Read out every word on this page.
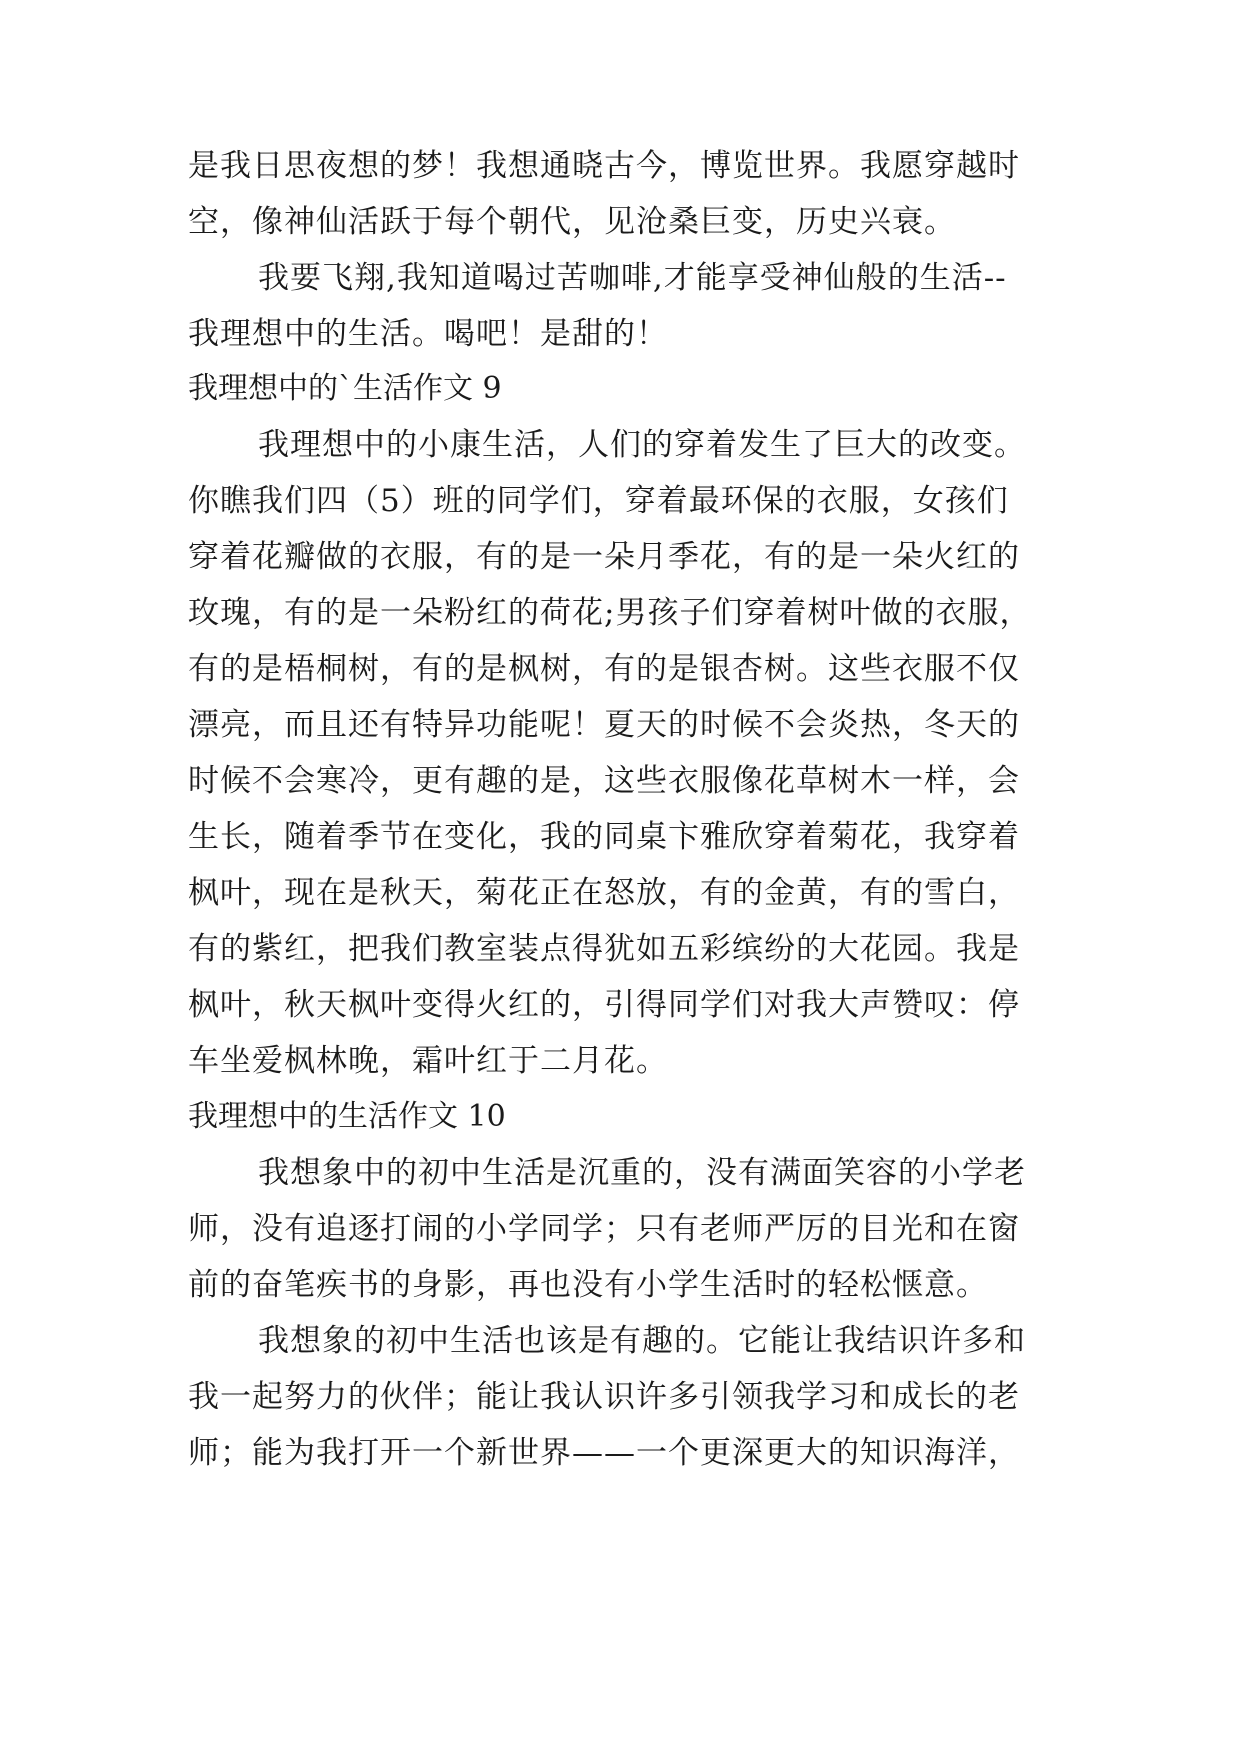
是我日思夜想的梦！我想通晓古今，博览世界。我愿穿越时
空，像神仙活跃于每个朝代，见沧桑巨变，历史兴衰。
我要飞翔,我知道喝过苦咖啡,才能享受神仙般的生活--
我理想中的生活。喝吧！是甜的！
我理想中的`生活作文 9
我理想中的小康生活，人们的穿着发生了巨大的改变。
你瞧我们四（5）班的同学们，穿着最环保的衣服，女孩们
穿着花瓣做的衣服，有的是一朵月季花，有的是一朵火红的
玫瑰，有的是一朵粉红的荷花;男孩子们穿着树叶做的衣服，
有的是梧桐树，有的是枫树，有的是银杏树。这些衣服不仅
漂亮，而且还有特异功能呢！夏天的时候不会炎热，冬天的
时候不会寒冷，更有趣的是，这些衣服像花草树木一样，会
生长，随着季节在变化，我的同桌卞雅欣穿着菊花，我穿着
枫叶，现在是秋天，菊花正在怒放，有的金黄，有的雪白，
有的紫红，把我们教室装点得犹如五彩缤纷的大花园。我是
枫叶，秋天枫叶变得火红的，引得同学们对我大声赞叹：停
车坐爱枫林晚，霜叶红于二月花。
我理想中的生活作文 10
我想象中的初中生活是沉重的，没有满面笑容的小学老
师，没有追逐打闹的小学同学；只有老师严厉的目光和在窗
前的奋笔疾书的身影，再也没有小学生活时的轻松惬意。
我想象的初中生活也该是有趣的。它能让我结识许多和
我一起努力的伙伴；能让我认识许多引领我学习和成长的老
师；能为我打开一个新世界——一个更深更大的知识海洋，
